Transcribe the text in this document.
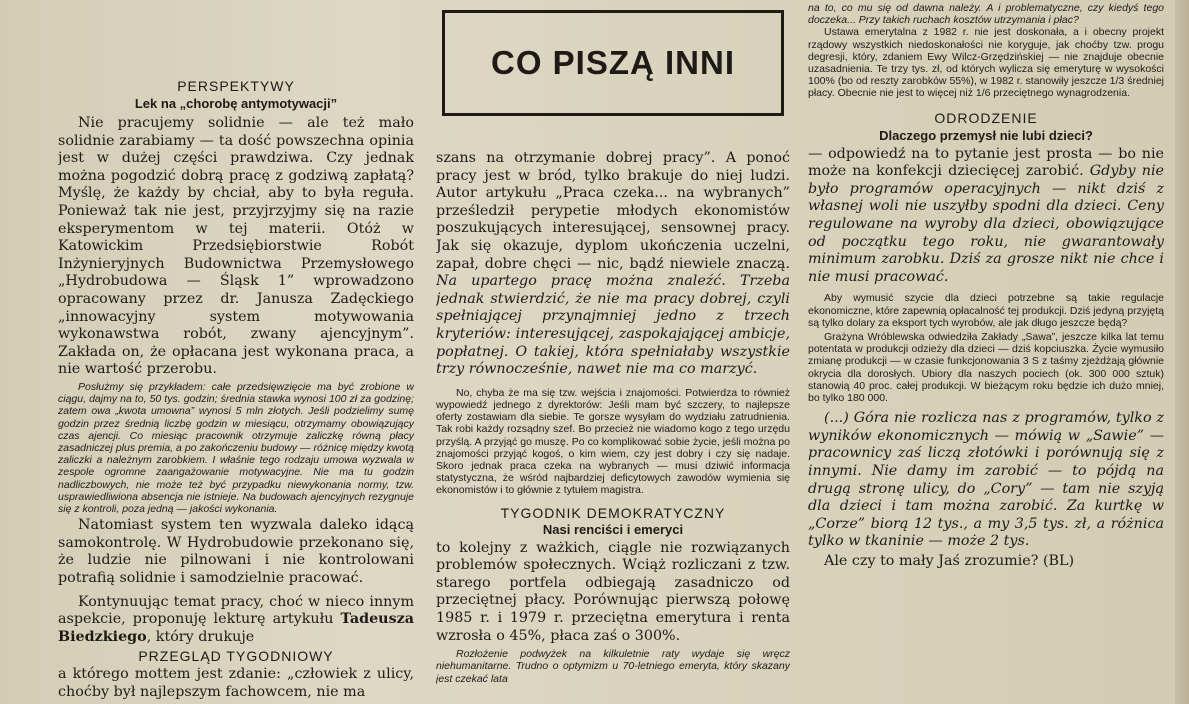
PERSPEKTYWY
Lek na „chorobę antymotywacji”

Nie pracujemy solidnie — ale też mało solidnie zarabiamy — ta dość powszechna opinia jest w dużej części prawdziwa. Czy jednak można pogodzić dobrą pracę z godziwą zapłatą? Myślę, że każdy by chciał, aby to była reguła. Ponieważ tak nie jest, przyjrzyjmy się na razie eksperymentom w tej materii. Otóż w Katowickim Przedsiębiorstwie Robót Inżynieryjnych Budownictwa Przemysłowego „Hydrobudowa — Śląsk 1” wprowadzono opracowany przez dr. Janusza Zadęckiego „innowacyjny system motywowania wykonawstwa robót, zwany ajencyjnym”. Zakłada on, że opłacana jest wykonana praca, a nie wartość przerobu.

Posłużmy się przykładem: całe przedsięwzięcie ma być zrobione w ciągu, dajmy na to, 50 tys. godzin; średnia stawka wynosi 100 zł za godzinę; zatem owa „kwota umowna” wynosi 5 mln złotych. Jeśli podzielimy sumę godzin przez średnią liczbę godzin w miesiącu, otrzymamy obowiązujący czas ajencji. Co miesiąc pracownik otrzymuje zaliczkę równą płacy zasadniczej plus premia, a po zakończeniu budowy — różnicę między kwotą zaliczki a należnym zarobkiem. I właśnie tego rodzaju umowa wyzwala w zespole ogromne zaangażowanie motywacyjne. Nie ma tu godzin nadliczbowych, nie może też być przypadku niewykonania normy, tzw. usprawiedliwiona absencja nie istnieje. Na budowach ajencyjnych rezygnuje się z kontroli, poza jedną — jakości wykonania.

Natomiast system ten wyzwala daleko idącą samokontrolę. W Hydrobudowie przekonano się, że ludzie nie pilnowani i nie kontrolowani potrafią solidnie i samodzielnie pracować.

Kontynuując temat pracy, choć w nieco innym aspekcie, proponuję lekturę artykułu Tadeusza Biedzkiego, który drukuje

PRZEGLĄD TYGODNIOWY

a którego mottem jest zdanie: „człowiek z ulicy, choćby był najlepszym fachowcem, nie ma

CO PISZĄ INNI

szans na otrzymanie dobrej pracy”. A ponoć pracy jest w bród, tylko brakuje do niej ludzi. Autor artykułu „Praca czeka... na wybranych” prześledził perypetie młodych ekonomistów poszukujących interesującej, sensownej pracy. Jak się okazuje, dyplom ukończenia uczelni, zapał, dobre chęci — nic, bądź niewiele znaczą. Na upartego pracę można znaleźć. Trzeba jednak stwierdzić, że nie ma pracy dobrej, czyli spełniającej przynajmniej jedno z trzech kryteriów: interesującej, zaspokajającej ambicje, popłatnej. O takiej, która spełniałaby wszystkie trzy równocześnie, nawet nie ma co marzyć.

No, chyba że ma się tzw. wejścia i znajomości. Potwierdza to również wypowiedź jednego z dyrektorów: Jeśli mam być szczery, to najlepsze oferty zostawiam dla siebie. Te gorsze wysyłam do wydziału zatrudnienia. Tak robi każdy rozsądny szef. Bo przecież nie wiadomo kogo z tego urzędu przyślą. A przyjąć go muszę. Po co komplikować sobie życie, jeśli można po znajomości przyjąć kogoś, o kim wiem, czy jest dobry i czy się nadaje. Skoro jednak praca czeka na wybranych — musi dziwić informacja statystyczna, że wśród najbardziej deficytowych zawodów wymienia się ekonomistów i to głównie z tytułem magistra.

TYGODNIK DEMOKRATYCZNY
Nasi renciści i emeryci

to kolejny z ważkich, ciągle nie rozwiązanych problemów społecznych. Wciąż rozliczani z tzw. starego portfela odbiegają zasadniczo od przeciętnej płacy. Porównując pierwszą połowę 1985 r. i 1979 r. przeciętna emerytura i renta wzrosła o 45%, płaca zaś o 300%.

Rozłożenie podwyżek na kilkuletnie raty wydaje się wręcz niehumanitarne. Trudno o optymizm u 70-letniego emeryta, który skazany jest czekać lata

na to, co mu się od dawna należy. A i problematyczne, czy kiedyś tego doczeka... Przy takich ruchach kosztów utrzymania i płac?

Ustawa emerytalna z 1982 r. nie jest doskonała, a i obecny projekt rządowy wszystkich niedoskonałości nie koryguje, jak choćby tzw. progu degresji, który, zdaniem Ewy Wilcz-Grzędzińskiej — nie znajduje obecnie uzasadnienia. Te trzy tys. zł, od których wylicza się emeryturę w wysokości 100% (bo od reszty zarobków 55%), w 1982 r. stanowiły jeszcze 1/3 średniej płacy. Obecnie nie jest to więcej niż 1/6 przeciętnego wynagrodzenia.

ODRODZENIE
Dlaczego przemysł nie lubi dzieci?

— odpowiedź na to pytanie jest prosta — bo nie może na konfekcji dziecięcej zarobić. Gdyby nie było programów operacyjnych — nikt dziś z własnej woli nie uszyłby spodni dla dzieci. Ceny regulowane na wyroby dla dzieci, obowiązujące od początku tego roku, nie gwarantowały minimum zarobku. Dziś za grosze nikt nie chce i nie musi pracować.

Aby wymusić szycie dla dzieci potrzebne są takie regulacje ekonomiczne, które zapewnią opłacalność tej produkcji. Dziś jedyną przyjętą są tylko dolary za eksport tych wyrobów, ale jak długo jeszcze będą?

Grażyna Wróblewska odwiedziła Zakłady „Sawa”, jeszcze kilka lat temu potentata w produkcji odzieży dla dzieci — dziś kopciuszka. Życie wymusiło zmianę produkcji — w czasie funkcjonowania 3 S z taśmy zjeżdżają głównie okrycia dla dorosłych. Ubiory dla naszych pociech (ok. 300 000 sztuk) stanowią 40 proc. całej produkcji. W bieżącym roku będzie ich dużo mniej, bo tylko 180 000.

(...) Góra nie rozlicza nas z programów, tylko z wyników ekonomicznych — mówią w „Sawie” — pracownicy zaś liczą złotówki i porównują się z innymi. Nie damy im zarobić — to pójdą na drugą stronę ulicy, do „Cory” — tam nie szyją dla dzieci i tam można zarobić. Za kurtkę w „Corze” biorą 12 tys., a my 3,5 tys. zł, a różnica tylko w tkaninie — może 2 tys.

Ale czy to mały Jaś zrozumie? (BL)
